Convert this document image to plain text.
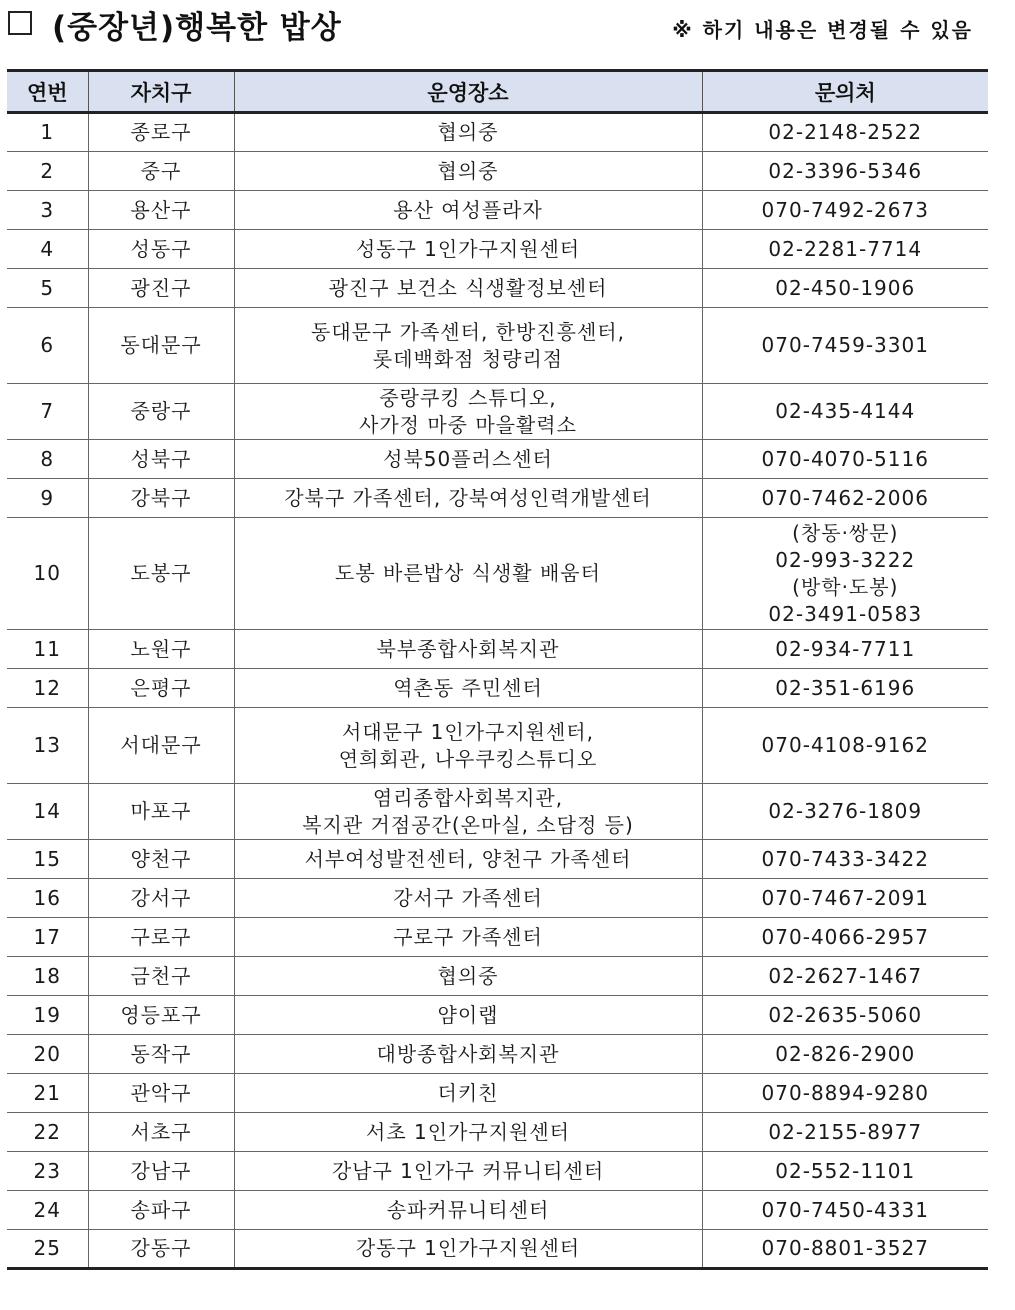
(중장년)행복한 밥상	※ 하기 내용은 변경될 수 있음
연번	자치구	운영장소	문의처
1	종로구	협의중	02-2148-2522

2	중구	협의중	02-3396-5346

3	용산구	용산 여성플라자	070-7492-2673

4	성동구	성동구 1인가구지원센터	02-2281-7714

5	광진구	광진구 보건소 식생활정보센터	02-450-1906

6	동대문구	동대문구 가족센터, 한방진흥센터,
롯데백화점 청량리점	070-7459-3301

7	중랑구	중랑쿠킹 스튜디오,
사가정 마중 마을활력소	02-435-4144

8	성북구	성북50플러스센터	070-4070-5116

9	강북구	강북구 가족센터, 강북여성인력개발센터	070-7462-2006

10	도봉구	도봉 바른밥상 식생활 배움터	(창동·쌍문)
02-993-3222
(방학·도봉)
02-3491-0583

11	노원구	북부종합사회복지관	02-934-7711

12	은평구	역촌동 주민센터	02-351-6196

13	서대문구	서대문구 1인가구지원센터,
연희회관, 나우쿠킹스튜디오	070-4108-9162

14	마포구	염리종합사회복지관,
복지관 거점공간(온마실, 소담정 등)	02-3276-1809

15	양천구	서부여성발전센터, 양천구 가족센터	070-7433-3422

16	강서구	강서구 가족센터	070-7467-2091

17	구로구	구로구 가족센터	070-4066-2957

18	금천구	협의중	02-2627-1467

19	영등포구	얌이랩	02-2635-5060

20	동작구	대방종합사회복지관	02-826-2900

21	관악구	더키친	070-8894-9280

22	서초구	서초 1인가구지원센터	02-2155-8977

23	강남구	강남구 1인가구 커뮤니티센터	02-552-1101

24	송파구	송파커뮤니티센터	070-7450-4331

25	강동구	강동구 1인가구지원센터	070-8801-3527
